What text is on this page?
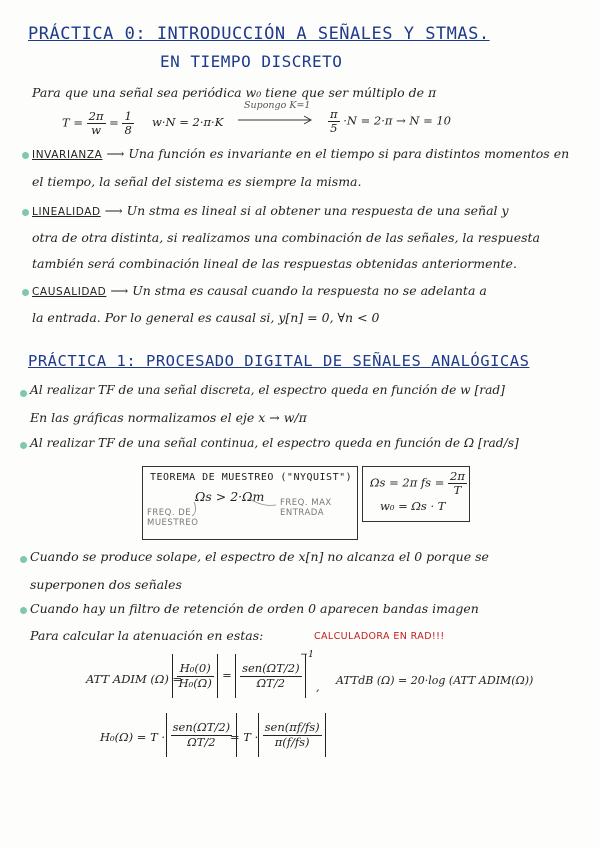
PRÁCTICA 0: INTRODUCCIÓN A SEÑALES Y STMAS.
EN TIEMPO DISCRETO
Para que una señal sea periódica w₀ tiene que ser múltiplo de π
$T = \frac{2\pi}{w} = \frac{1}{8} w\cdot N = 2\cdot\pi\cdot K$
Supongo K=1
$\frac{\pi}{5} \cdot N = 2\cdot\pi \to N = 10$
INVARIANZA ⟶ Una función es invariante en el tiempo si para distintos momentos en
el tiempo, la señal del sistema es siempre la misma.
LINEALIDAD ⟶ Un stma es lineal si al obtener una respuesta de una señal y
otra de otra distinta, si realizamos una combinación de las señales, la respuesta
también será combinación lineal de las respuestas obtenidas anteriormente.
CAUSALIDAD ⟶ Un stma es causal cuando la respuesta no se adelanta a
la entrada. Por lo general es causal si, y[n] = 0, ∀n < 0
PRÁCTICA 1: PROCESADO DIGITAL DE SEÑALES ANALÓGICAS
Al realizar TF de una señal discreta, el espectro queda en función de w [rad]
En las gráficas normalizamos el eje x → w/π
Al realizar TF de una señal continua, el espectro queda en función de Ω [rad/s]
TEOREMA DE MUESTREO ("NYQUIST")
Ωs > 2·Ωm
FREQ. DE
MUESTREO
FREQ. MAX
ENTRADA
Ωs = 2π fs = $\frac{2\pi}{T}$
w₀ = Ωs · T
Cuando se produce solape, el espectro de x[n] no alcanza el 0 porque se
superponen dos señales
Cuando hay un filtro de retención de orden 0 aparecen bandas imagen
Para calcular la atenuación en estas:	CALCULADORA EN RAD!!!
ATT ADIM (Ω) =

$\frac{\text{H₀(0)}}{\text{H₀(Ω)}} = \frac{\text{sen(ΩT/2)}}{\Omega T/2}$

−1
, ATTdB (Ω) = 20·log (ATT ADIM(Ω))
H₀(Ω) = T ·
$\frac{\text{sen(ΩT/2)}}{\Omega T/2}$

= T ·
$\frac{\text{sen(πf/fs)}}{\pi(f/fs)}$
